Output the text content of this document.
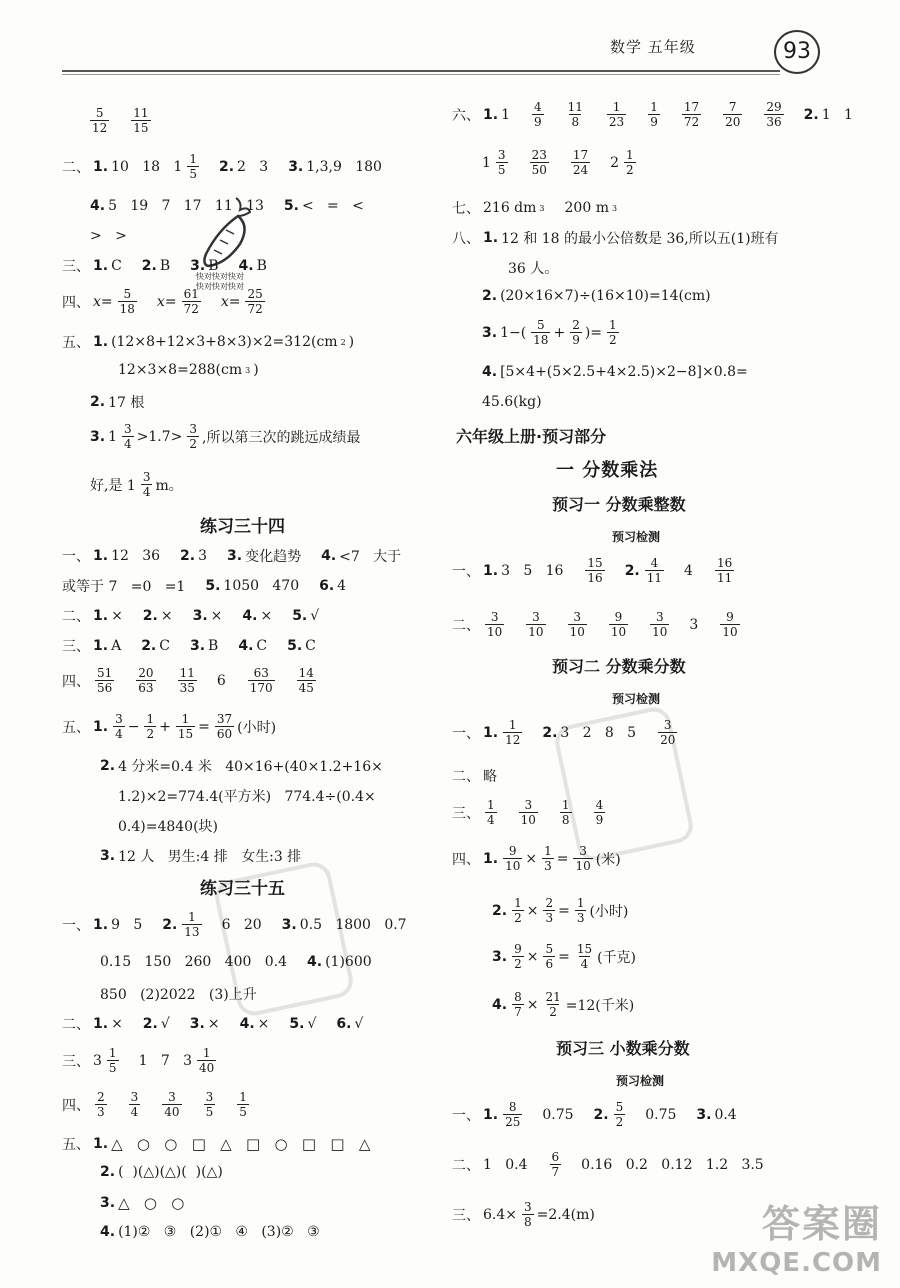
数学 五年级	93
快对快对快对
快对快对快对
$\frac{5}{12} \frac{11}{15}$
二、 1. 10   18   $1 \frac{1}{5} 2$. 2   3 3. 1,3,9   180
4. 5   19   7   17   11   13 5. <   =   <
>   >
三、 1. C 2. B 3. B 4. B
四、 $x= \frac{5}{18} x= \frac{61}{72} x= \frac{25}{72}$
五、 1. (12×8+12×3+8×3)×2=312(cm 2 )
12×3×8=288(cm 3 )
2. 17 根
3. $1 \frac{3}{4} >1.7> \frac{3}{2}$ ,所以第三次的跳远成绩最
好,是 $1 \frac{3}{4}$ m。
练习三十四
一、 1. 12   36 2. 3 3. 变化趋势 4. <7   大于
或等于 7   =0   =1 5. 1050   470 6. 4
二、 1. × 2. × 3. × 4. × 5. √
三、 1. A 2. C 3. B 4. C 5. C
四、 $\frac{51}{56} \frac{20}{63} \frac{11}{35} 6 \frac{63}{170} \frac{14}{45}$
五、 1. $\frac{3}{4} - \frac{1}{2} + \frac{1}{15} = \frac{37}{60}$ (小时)
2. 4 分米=0.4 米   40×16+(40×1.2+16×
1.2)×2=774.4(平方米)   774.4÷(0.4×
0.4)=4840(块)
3. 12 人   男生:4 排   女生:3 排
练习三十五
一、 1. 9   5 2. $\frac{1}{13} 6$   20 3. 0.5   1800   0.7
0.15   150   260   400   0.4 4. (1)600
850   (2)2022   (3)上升
二、 1. × 2. √ 3. × 4. × 5. √ 6. √
三、 $3 \frac{1}{5} 1$   7   $3 \frac{1}{40}$
四、 $\frac{2}{3} \frac{3}{4} \frac{3}{40} \frac{3}{5} \frac{1}{5}$
五、 1. △   ○   ○   □   △   □   ○   □   □   △
2. (  )(△)(△)(  )(△)
3. △   ○   ○
4. (1)②   ③   (2)①   ④   (3)②   ③
六、 1. $1 \frac{4}{9} \frac{11}{8} \frac{1}{23} \frac{1}{9} \frac{17}{72} \frac{7}{20} \frac{29}{36} 2$. 1   1
$1 \frac{3}{5} \frac{23}{50} \frac{17}{24} 2 \frac{1}{2}$
七、 216 dm 3 200 m 3
八、 1. 12 和 18 的最小公倍数是 36,所以五(1)班有
36 人。
2. (20×16×7)÷(16×10)=14(cm)
3. $1-( \frac{5}{18} + \frac{2}{9}$ )= $\frac{1}{2}$
4. [5×4+(5×2.5+4×2.5)×2−8]×0.8=
45.6(kg)
六年级上册·预习部分
一 分数乘法
预习一 分数乘整数
预习检测
一、 1. 3   5   $16 \frac{15}{16} 2$. $\frac{4}{11} 4 \frac{16}{11}$
二、 $\frac{3}{10} \frac{3}{10} \frac{3}{10} \frac{9}{10} \frac{3}{10} 3 \frac{9}{10}$
预习二 分数乘分数
预习检测
一、 1. $\frac{1}{12} 2$. 3   2   8   $5 \frac{3}{20}$
二、 略
三、 $\frac{1}{4} \frac{3}{10} \frac{1}{8} \frac{4}{9}$
四、 1. $\frac{9}{10} \times \frac{1}{3} = \frac{3}{10}$ (米)
2. $\frac{1}{2} \times \frac{2}{3} = \frac{1}{3}$ (小时)
3. $\frac{9}{2} \times \frac{5}{6} = \frac{15}{4}$ (千克)
4. $\frac{8}{7} \times \frac{21}{2} =12$(千米)
预习三 小数乘分数
预习检测
一、 1. $\frac{8}{25} 0.75$ 2. $\frac{5}{2} 0.75$ 3. 0.4
二、 1   $0.4 \frac{6}{7} 0.16$   0.2   0.12   1.2   3.5
三、 $6.4\times \frac{3}{8} =2.4(m)$	答案圈
MXQE.COM
